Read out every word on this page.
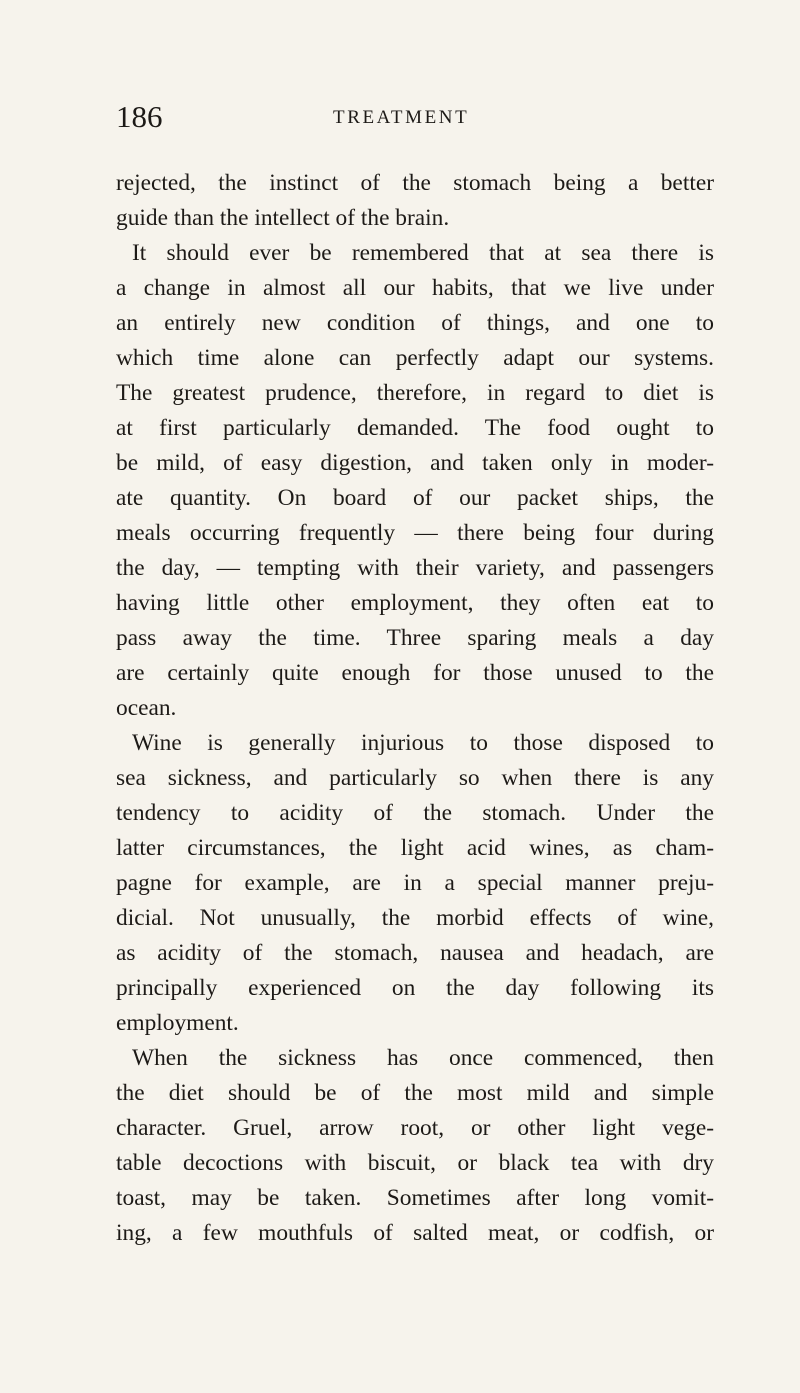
186	TREATMENT
rejected, the instinct of the stomach being a better
guide than the intellect of the brain.
It should ever be remembered that at sea there is
a change in almost all our habits, that we live under
an entirely new condition of things, and one to
which time alone can perfectly adapt our systems.
The greatest prudence, therefore, in regard to diet is
at first particularly demanded. The food ought to
be mild, of easy digestion, and taken only in moder-
ate quantity. On board of our packet ships, the
meals occurring frequently — there being four during
the day, — tempting with their variety, and passengers
having little other employment, they often eat to
pass away the time. Three sparing meals a day
are certainly quite enough for those unused to the
ocean.
Wine is generally injurious to those disposed to
sea sickness, and particularly so when there is any
tendency to acidity of the stomach. Under the
latter circumstances, the light acid wines, as cham-
pagne for example, are in a special manner preju-
dicial. Not unusually, the morbid effects of wine,
as acidity of the stomach, nausea and headach, are
principally experienced on the day following its
employment.
When the sickness has once commenced, then
the diet should be of the most mild and simple
character. Gruel, arrow root, or other light vege-
table decoctions with biscuit, or black tea with dry
toast, may be taken. Sometimes after long vomit-
ing, a few mouthfuls of salted meat, or codfish, or
